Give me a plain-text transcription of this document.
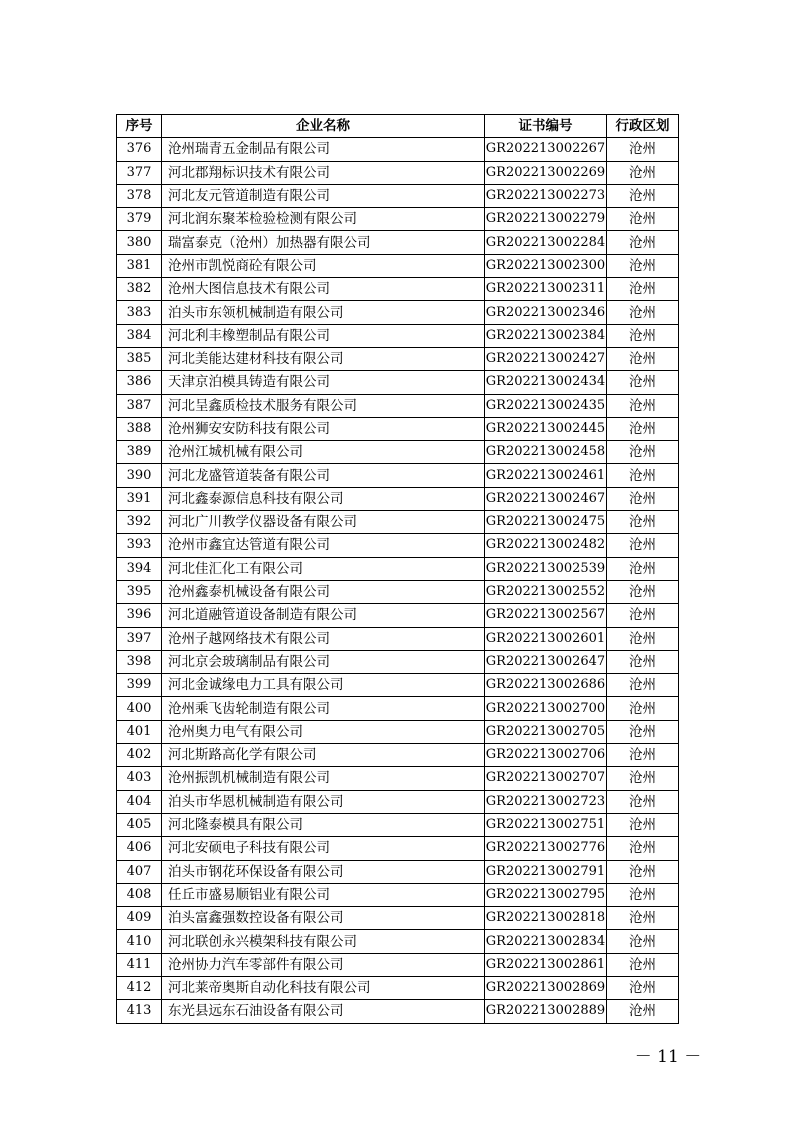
序号	企业名称	证书编号	行政区划
376	沧州瑞青五金制品有限公司	GR202213002267	沧州
377	河北郡翔标识技术有限公司	GR202213002269	沧州
378	河北友元管道制造有限公司	GR202213002273	沧州
379	河北润东聚苯检验检测有限公司	GR202213002279	沧州
380	瑞富泰克（沧州）加热器有限公司	GR202213002284	沧州
381	沧州市凯悦商砼有限公司	GR202213002300	沧州
382	沧州大图信息技术有限公司	GR202213002311	沧州
383	泊头市东领机械制造有限公司	GR202213002346	沧州
384	河北利丰橡塑制品有限公司	GR202213002384	沧州
385	河北美能达建材科技有限公司	GR202213002427	沧州
386	天津京泊模具铸造有限公司	GR202213002434	沧州
387	河北呈鑫质检技术服务有限公司	GR202213002435	沧州
388	沧州狮安安防科技有限公司	GR202213002445	沧州
389	沧州江城机械有限公司	GR202213002458	沧州
390	河北龙盛管道装备有限公司	GR202213002461	沧州
391	河北鑫泰源信息科技有限公司	GR202213002467	沧州
392	河北广川教学仪器设备有限公司	GR202213002475	沧州
393	沧州市鑫宜达管道有限公司	GR202213002482	沧州
394	河北佳汇化工有限公司	GR202213002539	沧州
395	沧州鑫泰机械设备有限公司	GR202213002552	沧州
396	河北道融管道设备制造有限公司	GR202213002567	沧州
397	沧州子越网络技术有限公司	GR202213002601	沧州
398	河北京会玻璃制品有限公司	GR202213002647	沧州
399	河北金诚缘电力工具有限公司	GR202213002686	沧州
400	沧州乘飞齿轮制造有限公司	GR202213002700	沧州
401	沧州奥力电气有限公司	GR202213002705	沧州
402	河北斯路高化学有限公司	GR202213002706	沧州
403	沧州振凯机械制造有限公司	GR202213002707	沧州
404	泊头市华恩机械制造有限公司	GR202213002723	沧州
405	河北隆泰模具有限公司	GR202213002751	沧州
406	河北安硕电子科技有限公司	GR202213002776	沧州
407	泊头市钢花环保设备有限公司	GR202213002791	沧州
408	任丘市盛易顺铝业有限公司	GR202213002795	沧州
409	泊头富鑫强数控设备有限公司	GR202213002818	沧州
410	河北联创永兴模架科技有限公司	GR202213002834	沧州
411	沧州协力汽车零部件有限公司	GR202213002861	沧州
412	河北莱帝奥斯自动化科技有限公司	GR202213002869	沧州
413	东光县远东石油设备有限公司	GR202213002889	沧州
－ 11 －
